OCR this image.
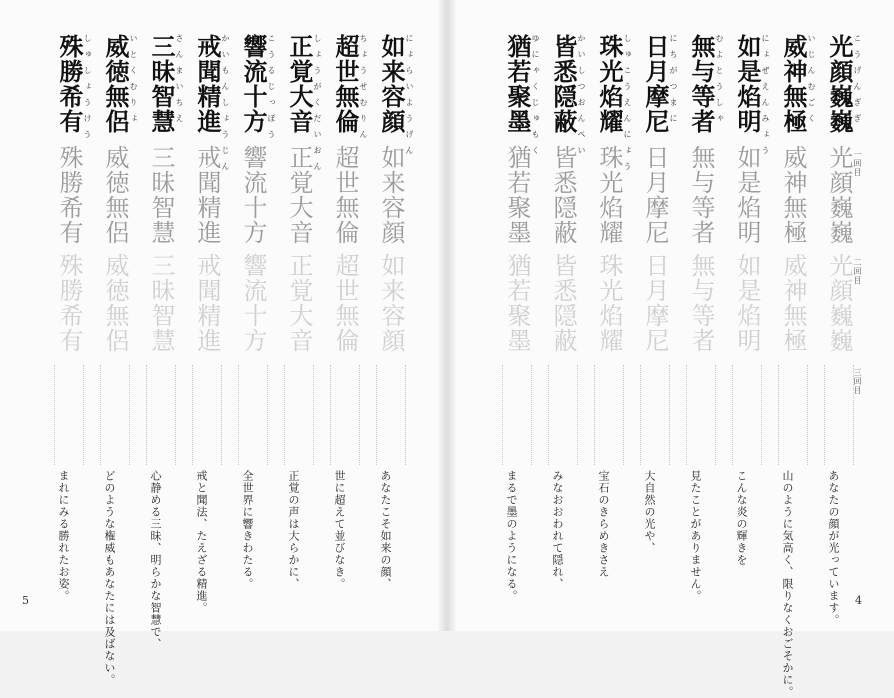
如来容顔 にょらいようげん
如来容顔
如来容顔
あなたこそ如来の顔、
超世無倫 ちょうせむりん
超世無倫
超世無倫
世に超えて並びなき。
正覚大音 しょうがくだいおん
正覚大音
正覚大音
正覚の声は大らかに、
響流十方 こうるじっぽう
響流十方
響流十方
全世界に響きわたる。
戒聞精進 かいもんしょうじん
戒聞精進
戒聞精進
戒と聞法、たえざる精進。
三昧智慧 さんまいちえ
三昧智慧
三昧智慧
心静める三昧、明らかな智慧で、
威徳無侶 いとくむりょ
威徳無侶
威徳無侶
どのような権威もあなたには及ばない。
殊勝希有 しゅしょうけう
殊勝希有
殊勝希有
まれにみる勝れたお姿。
5
光顔巍巍 こうげんぎぎ
光顔巍巍
光顔巍巍
あなたの顔が光っています。
威神無極 いじんむごく
威神無極
威神無極
山のように気高く、限りなくおごそかに。
如是焰明 にょぜえんみょう
如是焰明
如是焰明
こんな炎の輝きを
無与等者 むよとうしゃ
無与等者
無与等者
見たことがありません。
日月摩尼 にちがつまに
日月摩尼
日月摩尼
大自然の光や、
珠光焰耀 しゅこうえんにょう
珠光焰耀
珠光焰耀
宝石のきらめきさえ
皆悉隠蔽 かいしつおんぺい
皆悉隠蔽
皆悉隠蔽
みなおおわれて隠れ、
猶若聚墨 ゆにゃくじゅもく
猶若聚墨
猶若聚墨
まるで墨のようになる。	4
一回目
二回目
三回目
